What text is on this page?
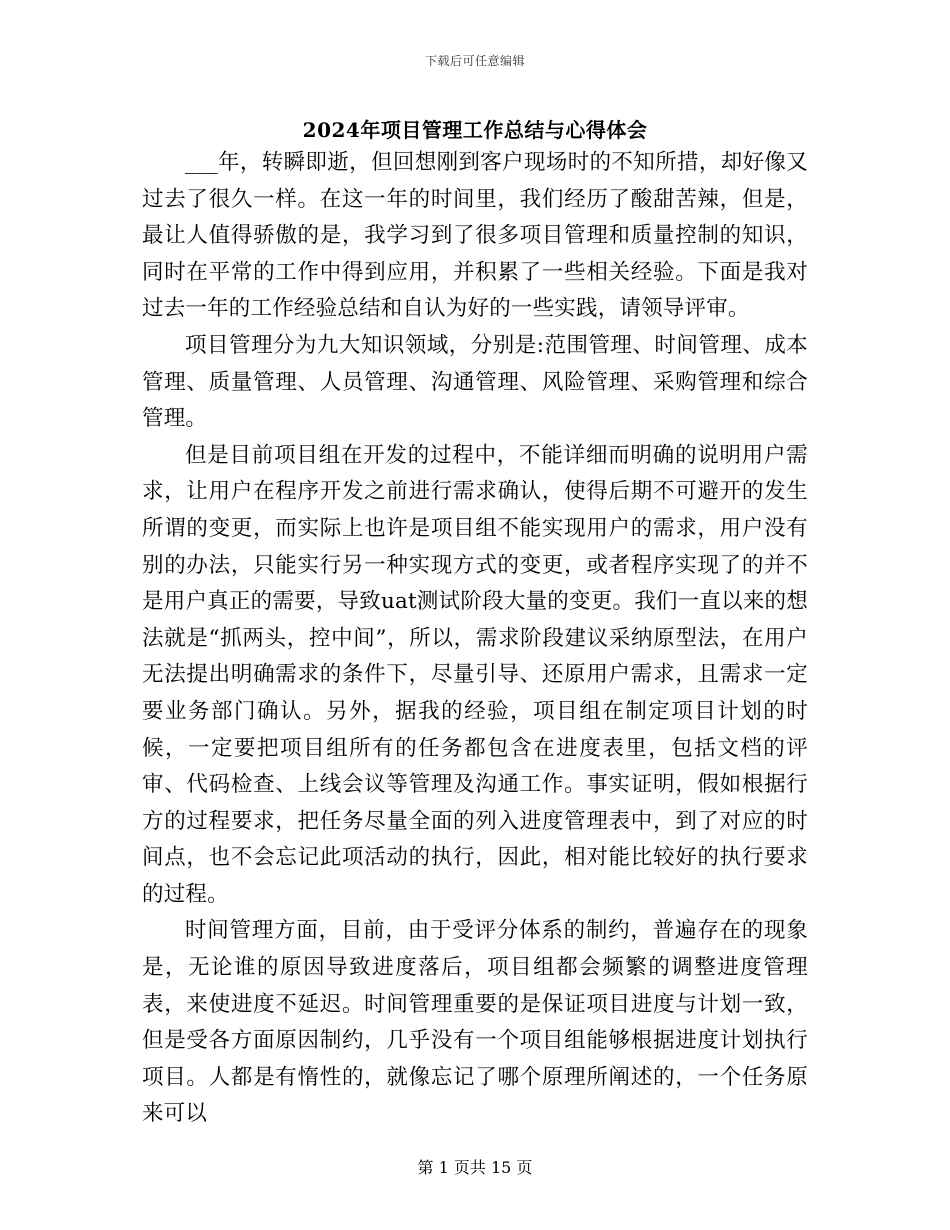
下载后可任意编辑
2024年项目管理工作总结与心得体会

___年，转瞬即逝，但回想刚到客户现场时的不知所措，却好像又过去了很久一样。在这一年的时间里，我们经历了酸甜苦辣，但是，最让人值得骄傲的是，我学习到了很多项目管理和质量控制的知识，同时在平常的工作中得到应用，并积累了一些相关经验。下面是我对过去一年的工作经验总结和自认为好的一些实践，请领导评审。

项目管理分为九大知识领域，分别是:范围管理、时间管理、成本管理、质量管理、人员管理、沟通管理、风险管理、采购管理和综合管理。

但是目前项目组在开发的过程中，不能详细而明确的说明用户需求，让用户在程序开发之前进行需求确认，使得后期不可避开的发生所谓的变更，而实际上也许是项目组不能实现用户的需求，用户没有别的办法，只能实行另一种实现方式的变更，或者程序实现了的并不是用户真正的需要，导致uat测试阶段大量的变更。我们一直以来的想法就是“抓两头，控中间”，所以，需求阶段建议采纳原型法，在用户无法提出明确需求的条件下，尽量引导、还原用户需求，且需求一定要业务部门确认。另外，据我的经验，项目组在制定项目计划的时候，一定要把项目组所有的任务都包含在进度表里，包括文档的评审、代码检查、上线会议等管理及沟通工作。事实证明，假如根据行方的过程要求，把任务尽量全面的列入进度管理表中，到了对应的时间点，也不会忘记此项活动的执行，因此，相对能比较好的执行要求的过程。

时间管理方面，目前，由于受评分体系的制约，普遍存在的现象是，无论谁的原因导致进度落后，项目组都会频繁的调整进度管理表，来使进度不延迟。时间管理重要的是保证项目进度与计划一致，但是受各方面原因制约，几乎没有一个项目组能够根据进度计划执行项目。人都是有惰性的，就像忘记了哪个原理所阐述的，一个任务原来可以

第 1 页共 15 页
